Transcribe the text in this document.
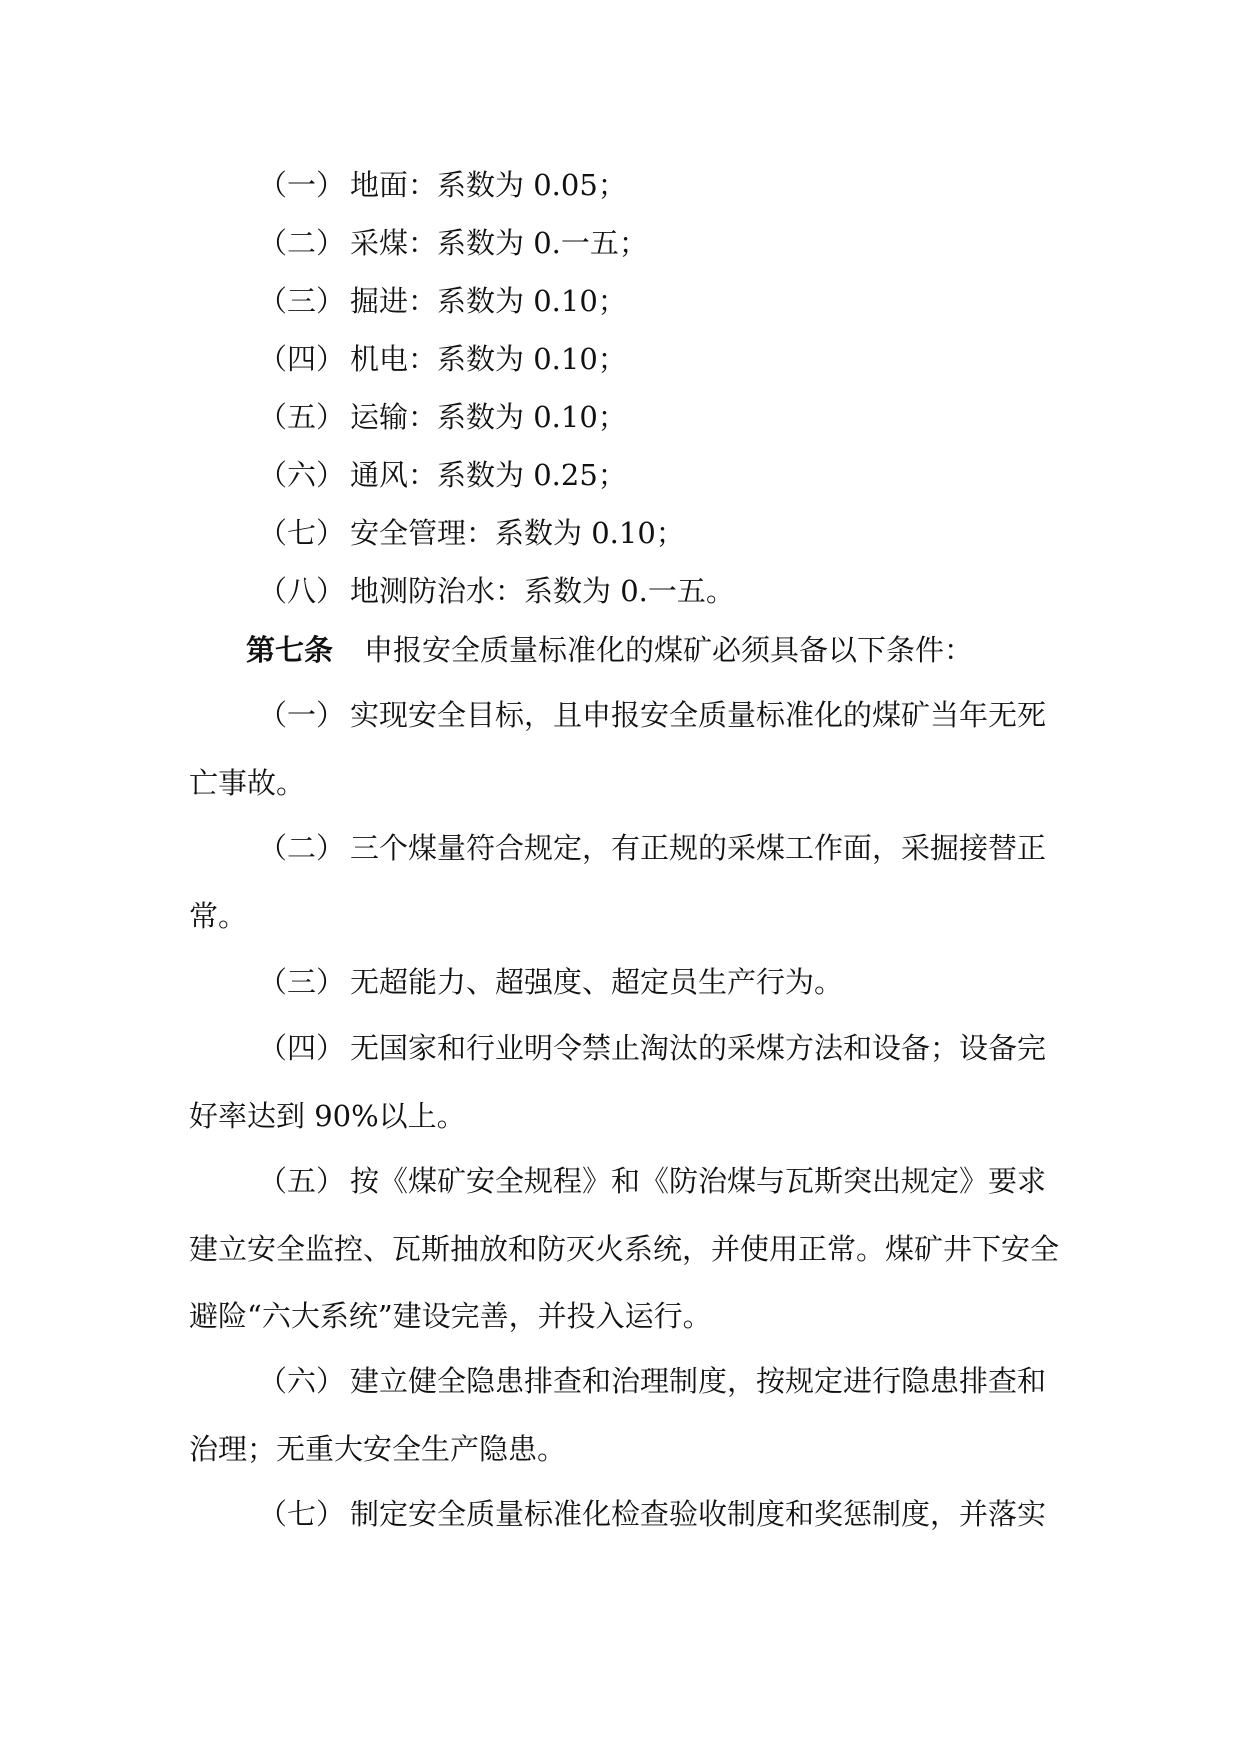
（一） 地面：系数为 0.05；
（二） 采煤：系数为 0.一五；
（三） 掘进：系数为 0.10；
（四） 机电：系数为 0.10；
（五） 运输：系数为 0.10；
（六） 通风：系数为 0.25；
（七） 安全管理：系数为 0.10；
（八） 地测防治水：系数为 0.一五。
第七条 申报安全质量标准化的煤矿必须具备以下条件：
（一） 实现安全目标，且申报安全质量标准化的煤矿当年无死
亡事故。
（二） 三个煤量符合规定，有正规的采煤工作面，采掘接替正
常。
（三） 无超能力、超强度、超定员生产行为。
（四） 无国家和行业明令禁止淘汰的采煤方法和设备；设备完
好率达到 90%以上。
（五） 按《煤矿安全规程》和《防治煤与瓦斯突出规定》要求
建立安全监控、瓦斯抽放和防灭火系统，并使用正常。煤矿井下安全
避险“六大系统”建设完善，并投入运行。
（六） 建立健全隐患排查和治理制度，按规定进行隐患排查和
治理；无重大安全生产隐患。
（七） 制定安全质量标准化检查验收制度和奖惩制度，并落实
